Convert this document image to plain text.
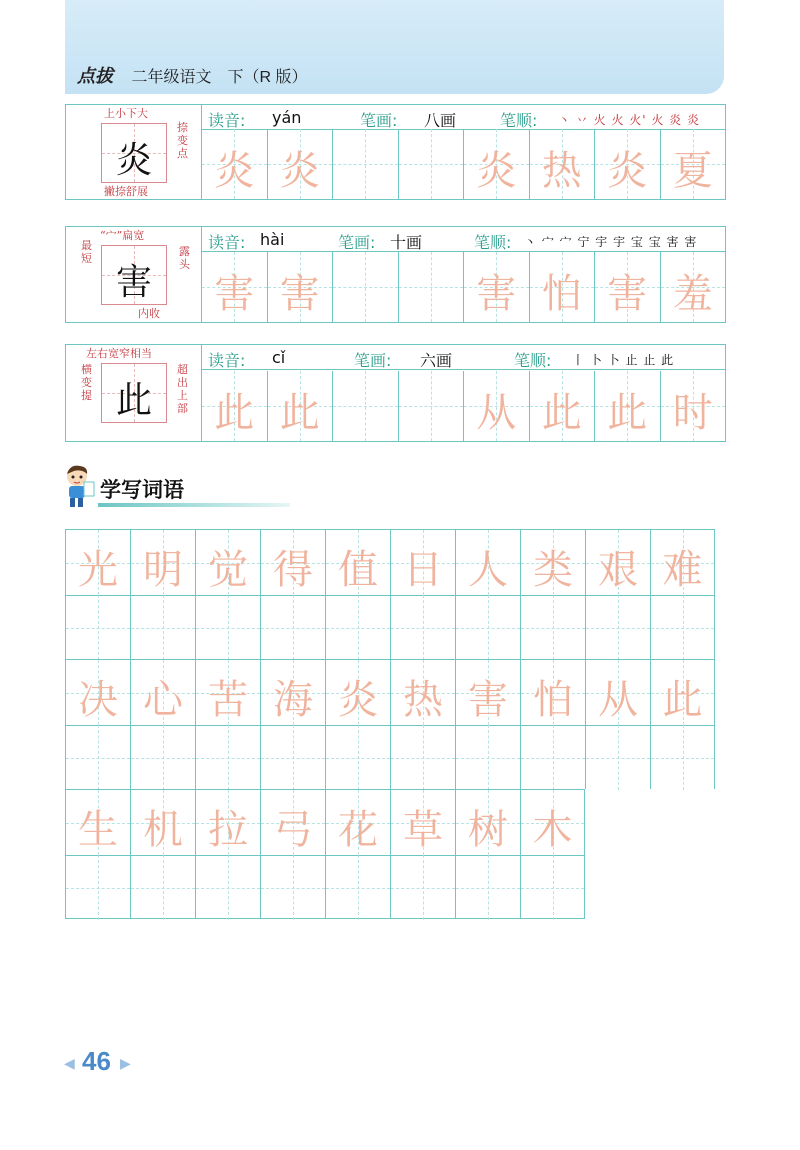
点拔 二年级语文　下（R 版）
上小下大
炎
捺变点
撇捺舒展
读音: yán	笔画: 八画	笔顺: 丶 丷 火 火 火' 火 炎 炎
炎 炎	炎 热 炎 夏
“宀”扁宽
最短
害
露头
内收
读音: hài	笔画: 十画	笔顺: 丶 宀 宀 宁 宇 宇 宝 宝 害 害
害 害	害 怕 害 羞
左右宽窄相当
横变提 此
超出上部
读音: cǐ	笔画: 六画	笔顺: 丨 卜 卜 止 止 此
此 此	从 此 此 时
学写词语
光 明 觉 得 值 日 人 类 艰 难
决 心 苦 海 炎 热 害 怕 从 此
生 机 拉 弓 花 草 树 木
◀ 46 ▶
